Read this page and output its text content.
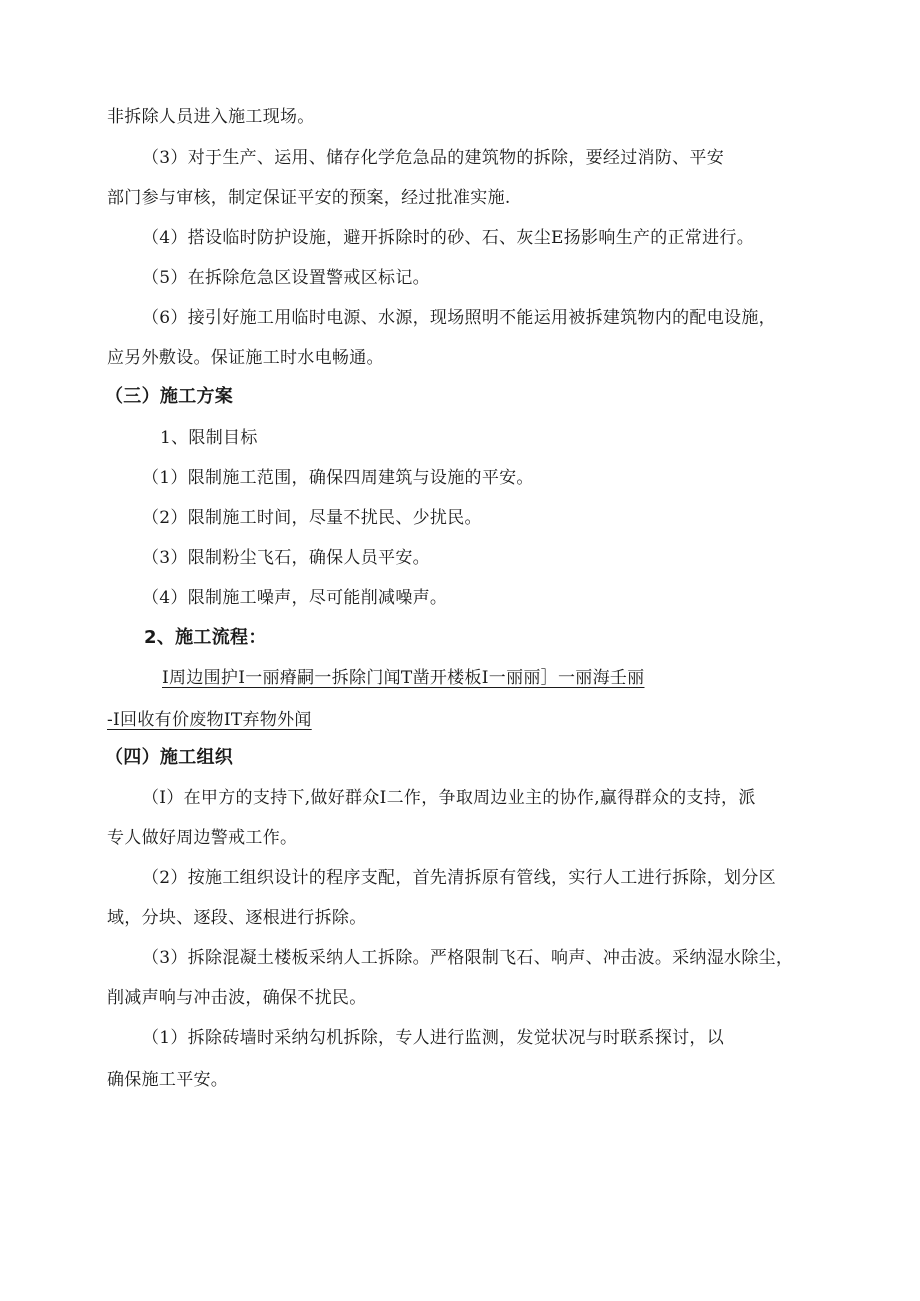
非拆除人员进入施工现场。
（3）对于生产、运用、储存化学危急品的建筑物的拆除，要经过消防、平安
部门参与审核，制定保证平安的预案，经过批准实施.
（4）搭设临时防护设施，避开拆除时的砂、石、灰尘E扬影响生产的正常进行。
（5）在拆除危急区设置警戒区标记。
（6）接引好施工用临时电源、水源，现场照明不能运用被拆建筑物内的配电设施，
应另外敷设。保证施工时水电畅通。
（三）施工方案
1、限制目标
（1）限制施工范围，确保四周建筑与设施的平安。
（2）限制施工时间，尽量不扰民、少扰民。
（3）限制粉尘飞石，确保人员平安。
（4）限制施工噪声，尽可能削减噪声。
2、施工流程：
I周边围护I一丽瘠嗣一拆除门闻T凿开楼板I一丽丽］一丽海壬丽
-I回收有价废物IT弃物外闻
（四）施工组织
（I）在甲方的支持下,做好群众I二作，争取周边业主的协作,赢得群众的支持，派
专人做好周边警戒工作。
（2）按施工组织设计的程序支配，首先清拆原有管线，实行人工进行拆除，划分区
域，分块、逐段、逐根进行拆除。
（3）拆除混凝土楼板采纳人工拆除。严格限制飞石、响声、冲击波。采纳湿水除尘，
削减声响与冲击波，确保不扰民。
（1）拆除砖墙时采纳勾机拆除，专人进行监测，发觉状况与时联系探讨，以
确保施工平安。
